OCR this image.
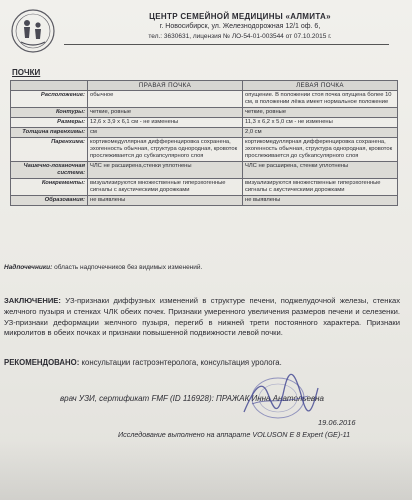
ЦЕНТР СЕМЕЙНОЙ МЕДИЦИНЫ «АЛМИТА»
г. Новосибирск, ул. Железнодорожная 12/1 оф. 6,
тел.: 3630631, лицензия № ЛО-54-01-003544 от 07.10.2015 г.
ПОЧКИ
	ПРАВАЯ ПОЧКА	ЛЕВАЯ ПОЧКА
Расположение:	обычное	опущение. В положении стоя почка опущена более 10 см, в положении лёжа имеет нормальное положение
Контуры:	четкие, ровные	четкие, ровные
Размеры:	12,6 х 3,9 х 6,1 см - не изменены	11,3 х 6,2 х 5,0 см - не изменены
Толщина паренхимы:	см	2,0 см
Паренхима:	кортикомедуллярная дифференцировка сохранена, эхогенность обычная, структура однородная, кровоток прослеживается до субкапсулярного слоя	кортикомедуллярная дифференцировка сохранена, эхогенность обычная, структура однородная, кровоток прослеживается до субкапсулярного слоя
Чашечно-лоханочная система:	ЧЛС не расширена,стенки уплотнены	ЧЛС не расширена, стенки уплотнены
Конкременты:	визуализируются множественные гиперэхогенные сигналы с акустическими дорожками	визуализируются множественные гиперэхогенные сигналы с акустическими дорожками
Образования:	не выявлены	не выявлены
Надпочечники: область надпочечников без видимых изменений.
ЗАКЛЮЧЕНИЕ: УЗ-признаки диффузных изменений в структуре печени, поджелудочной железы, стенках желчного пузыря и стенках ЧЛК обеих почек. Признаки умеренного увеличения размеров печени и селезенки. УЗ-признаки деформации желчного пузыря, перегиб в нижней трети постоянного характера. Признаки микролитов в обеих почках и признаки повышенной подвижности левой почки.
РЕКОМЕНДОВАНО: консультации гастроэнтеролога, консультация уролога.
врач УЗИ, сертификат FMF (ID 116928): ПРАЖАК Инна Анатольевна
19.06.2016
Исследование выполнено на аппарате VOLUSON E 8 Expert (GE)-11
